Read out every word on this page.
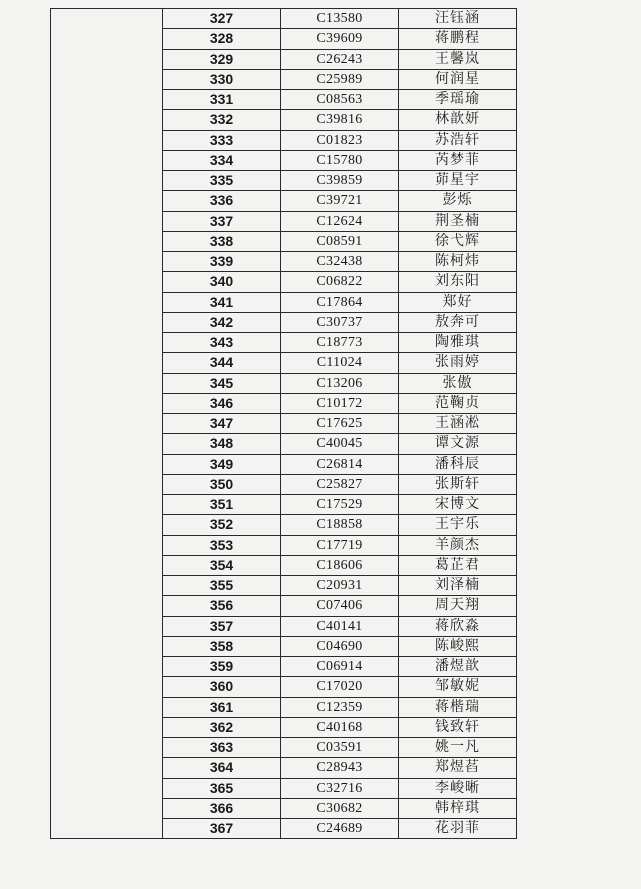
	327	C13580	汪钰涵
	328	C39609	蒋鹏程
	329	C26243	王馨岚
	330	C25989	何润星
	331	C08563	季瑶瑜
	332	C39816	林歆妍
	333	C01823	苏浩轩
	334	C15780	芮梦菲
	335	C39859	茆星宇
	336	C39721	彭烁
	337	C12624	荆圣楠
	338	C08591	徐弋辉
	339	C32438	陈柯炜
	340	C06822	刘东阳
	341	C17864	郑好
	342	C30737	敖奔可
	343	C18773	陶雅琪
	344	C11024	张雨婷
	345	C13206	张傲
	346	C10172	范鞠贞
	347	C17625	王涵凇
	348	C40045	谭文源
	349	C26814	潘科辰
	350	C25827	张斯轩
	351	C17529	宋博文
	352	C18858	王宇乐
	353	C17719	羊颜杰
	354	C18606	葛芷君
	355	C20931	刘泽楠
	356	C07406	周天翔
	357	C40141	蒋欣淼
	358	C04690	陈峻熙
	359	C06914	潘煜歆
	360	C17020	邹敏妮
	361	C12359	蒋楷瑞
	362	C40168	钱致轩
	363	C03591	姚一凡
	364	C28943	郑煜萏
	365	C32716	李峻晰
	366	C30682	韩梓琪
	367	C24689	花羽菲
